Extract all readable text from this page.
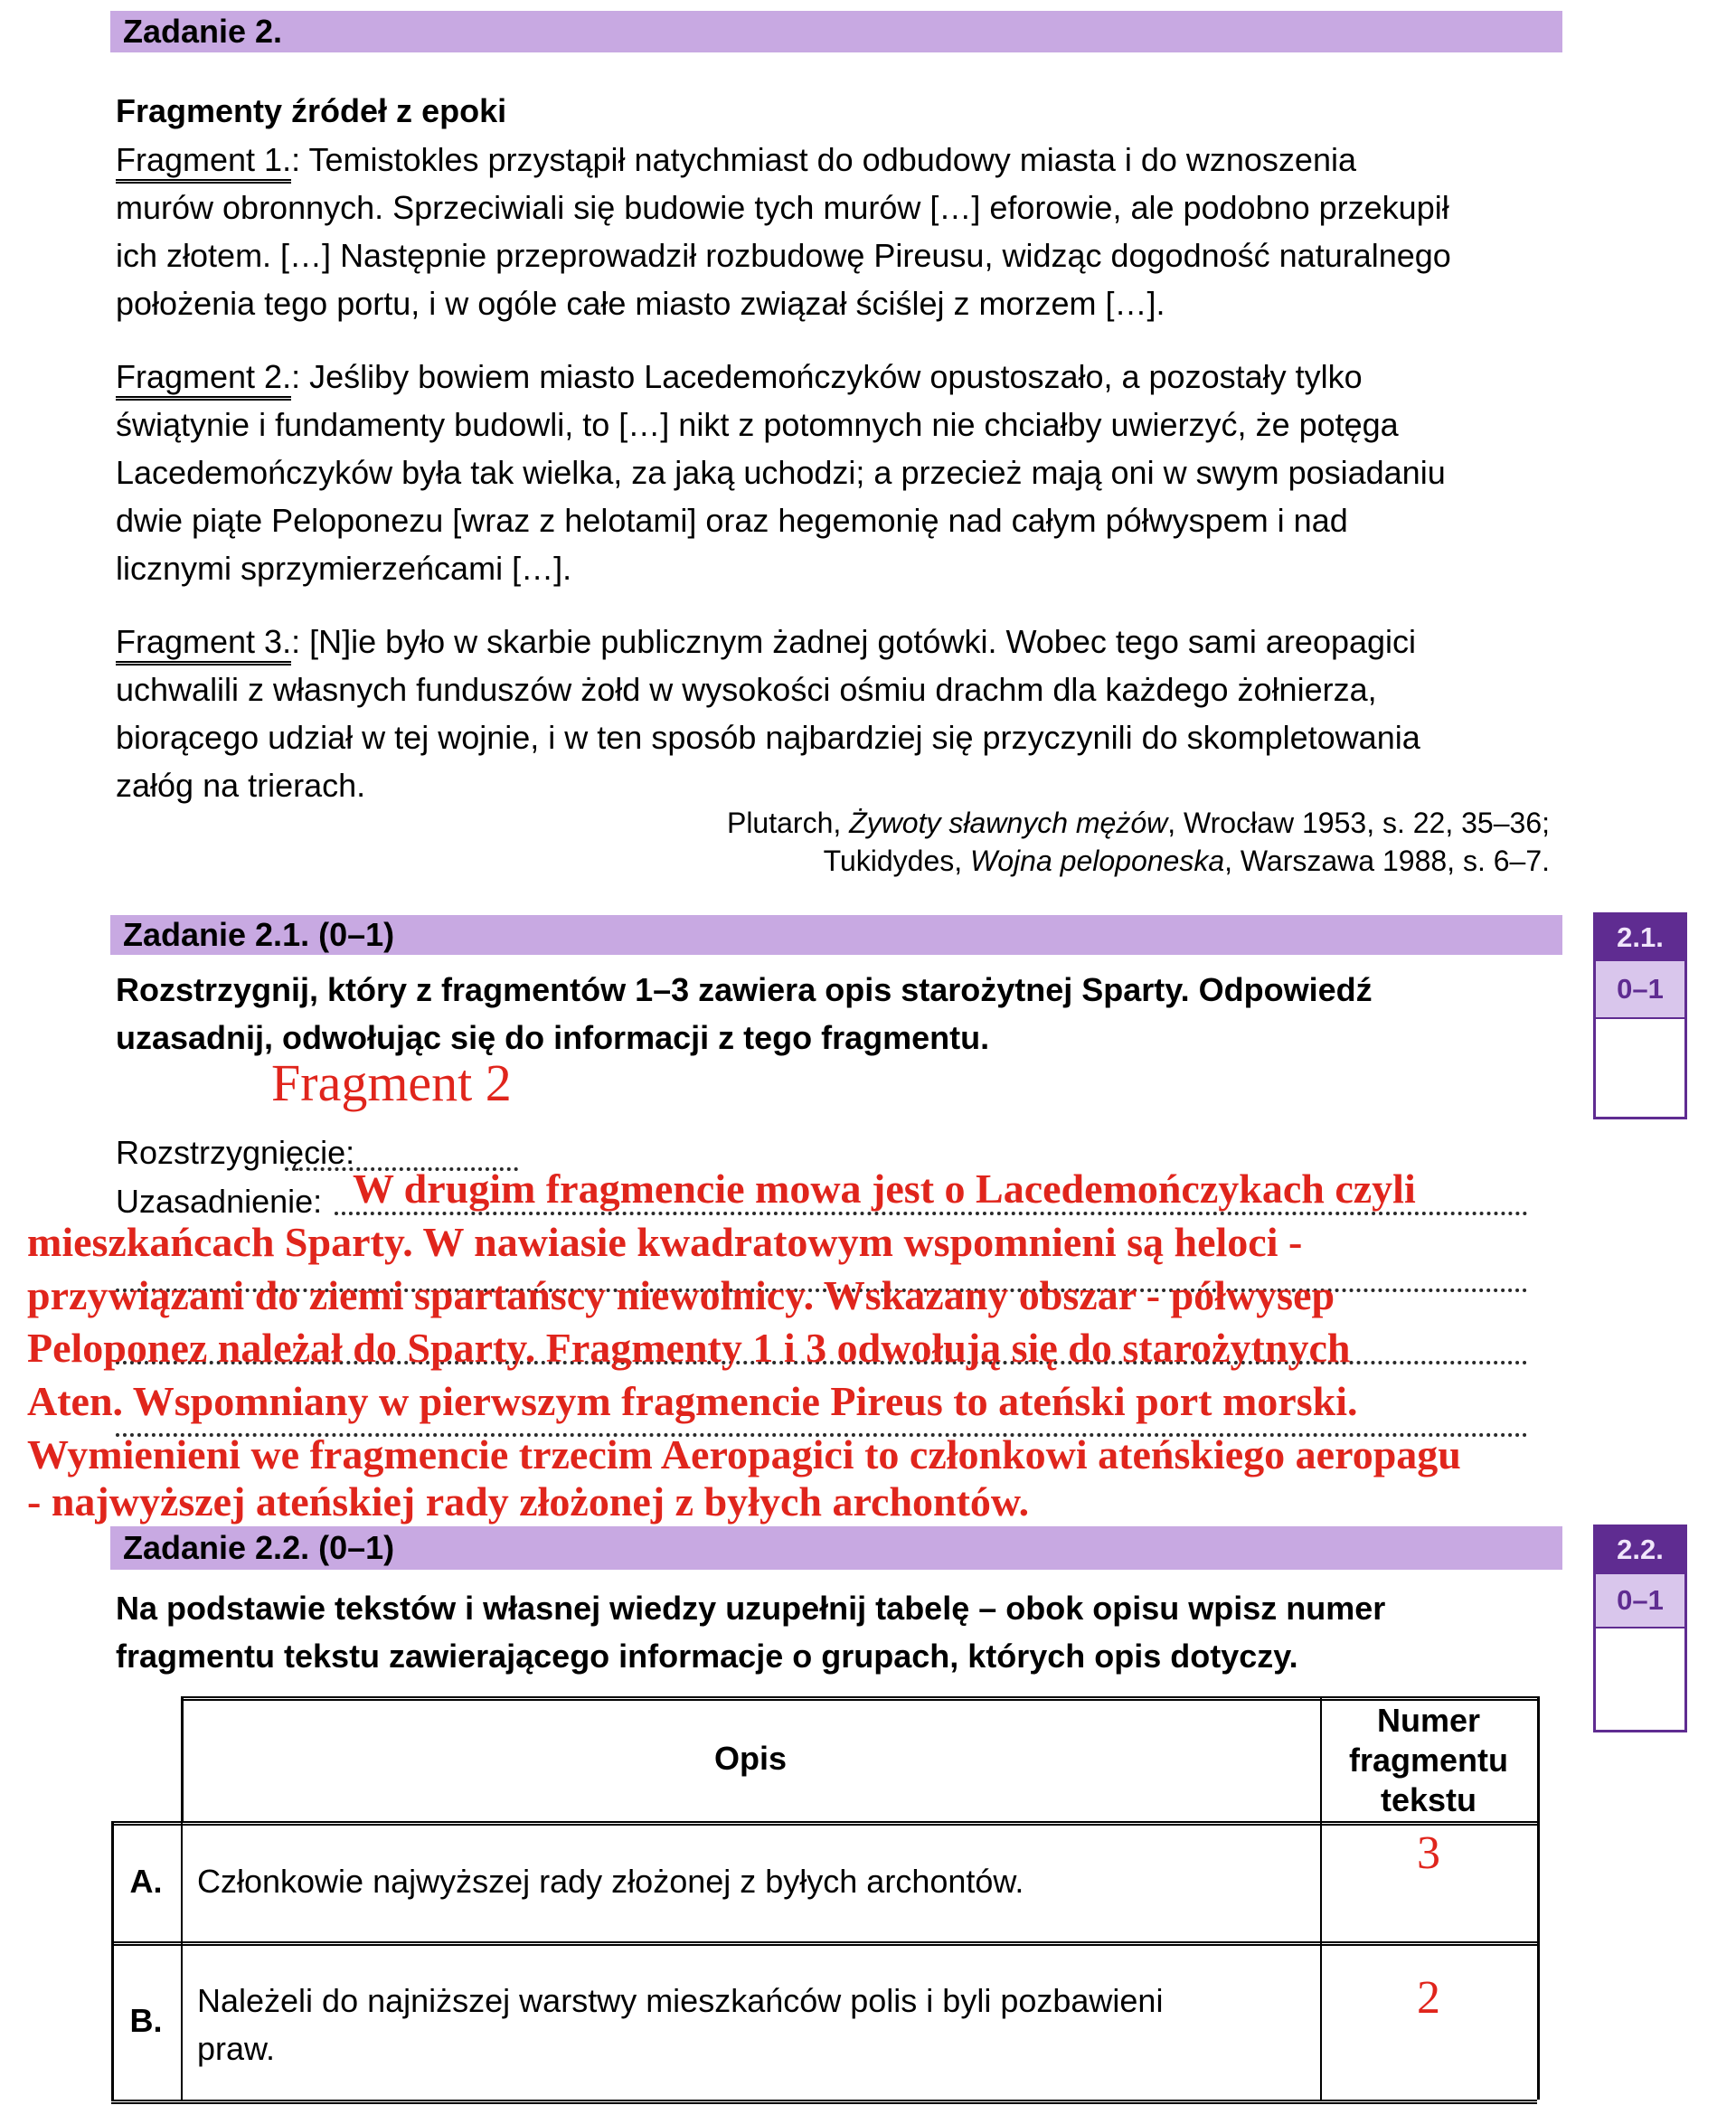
Zadanie 2.
Fragmenty źródeł z epoki
Fragment 1.: Temistokles przystąpił natychmiast do odbudowy miasta i do wznoszenia
murów obronnych. Sprzeciwiali się budowie tych murów […] eforowie, ale podobno przekupił
ich złotem. […] Następnie przeprowadził rozbudowę Pireusu, widząc dogodność naturalnego
położenia tego portu, i w ogóle całe miasto związał ściślej z morzem […].
Fragment 2.: Jeśliby bowiem miasto Lacedemończyków opustoszało, a pozostały tylko
świątynie i fundamenty budowli, to […] nikt z potomnych nie chciałby uwierzyć, że potęga
Lacedemończyków była tak wielka, za jaką uchodzi; a przecież mają oni w swym posiadaniu
dwie piąte Peloponezu [wraz z helotami] oraz hegemonię nad całym półwyspem i nad
licznymi sprzymierzeńcami […].
Fragment 3.: [N]ie było w skarbie publicznym żadnej gotówki. Wobec tego sami areopagici
uchwalili z własnych funduszów żołd w wysokości ośmiu drachm dla każdego żołnierza,
biorącego udział w tej wojnie, i w ten sposób najbardziej się przyczynili do skompletowania
załóg na trierach.
Plutarch, Żywoty sławnych mężów, Wrocław 1953, s. 22, 35–36;
Tukidydes, Wojna peloponeska, Warszawa 1988, s. 6–7.
Zadanie 2.1. (0–1)
Rozstrzygnij, który z fragmentów 1–3 zawiera opis starożytnej Sparty. Odpowiedź
uzasadnij, odwołując się do informacji z tego fragmentu.
Rozstrzygnięcie:
Fragment 2
Uzasadnienie: W drugim fragmencie mowa jest o Lacedemończykach czyli
mieszkańcach Sparty. W nawiasie kwadratowym wspomnieni są heloci -
przywiązani do ziemi spartańscy niewolnicy. Wskazany obszar - półwysep
Peloponez należał do Sparty. Fragmenty 1 i 3 odwołują się do starożytnych
Aten. Wspomniany w pierwszym fragmencie Pireus to ateński port morski.
Wymienieni we fragmencie trzecim Aeropagici to członkowi ateńskiego aeropagu
- najwyższej ateńskiej rady złożonej z byłych archontów.
2.1.
0–1
Zadanie 2.2. (0–1)
Na podstawie tekstów i własnej wiedzy uzupełnij tabelę – obok opisu wpisz numer
fragmentu tekstu zawierającego informacje o grupach, których opis dotyczy.
Opis
Numer
fragmentu
tekstu
A.	Członkowie najwyższej rady złożonej z byłych archontów.
3
B.
Należeli do najniższej warstwy mieszkańców polis i byli pozbawieni
praw.
2
2.2.
0–1
